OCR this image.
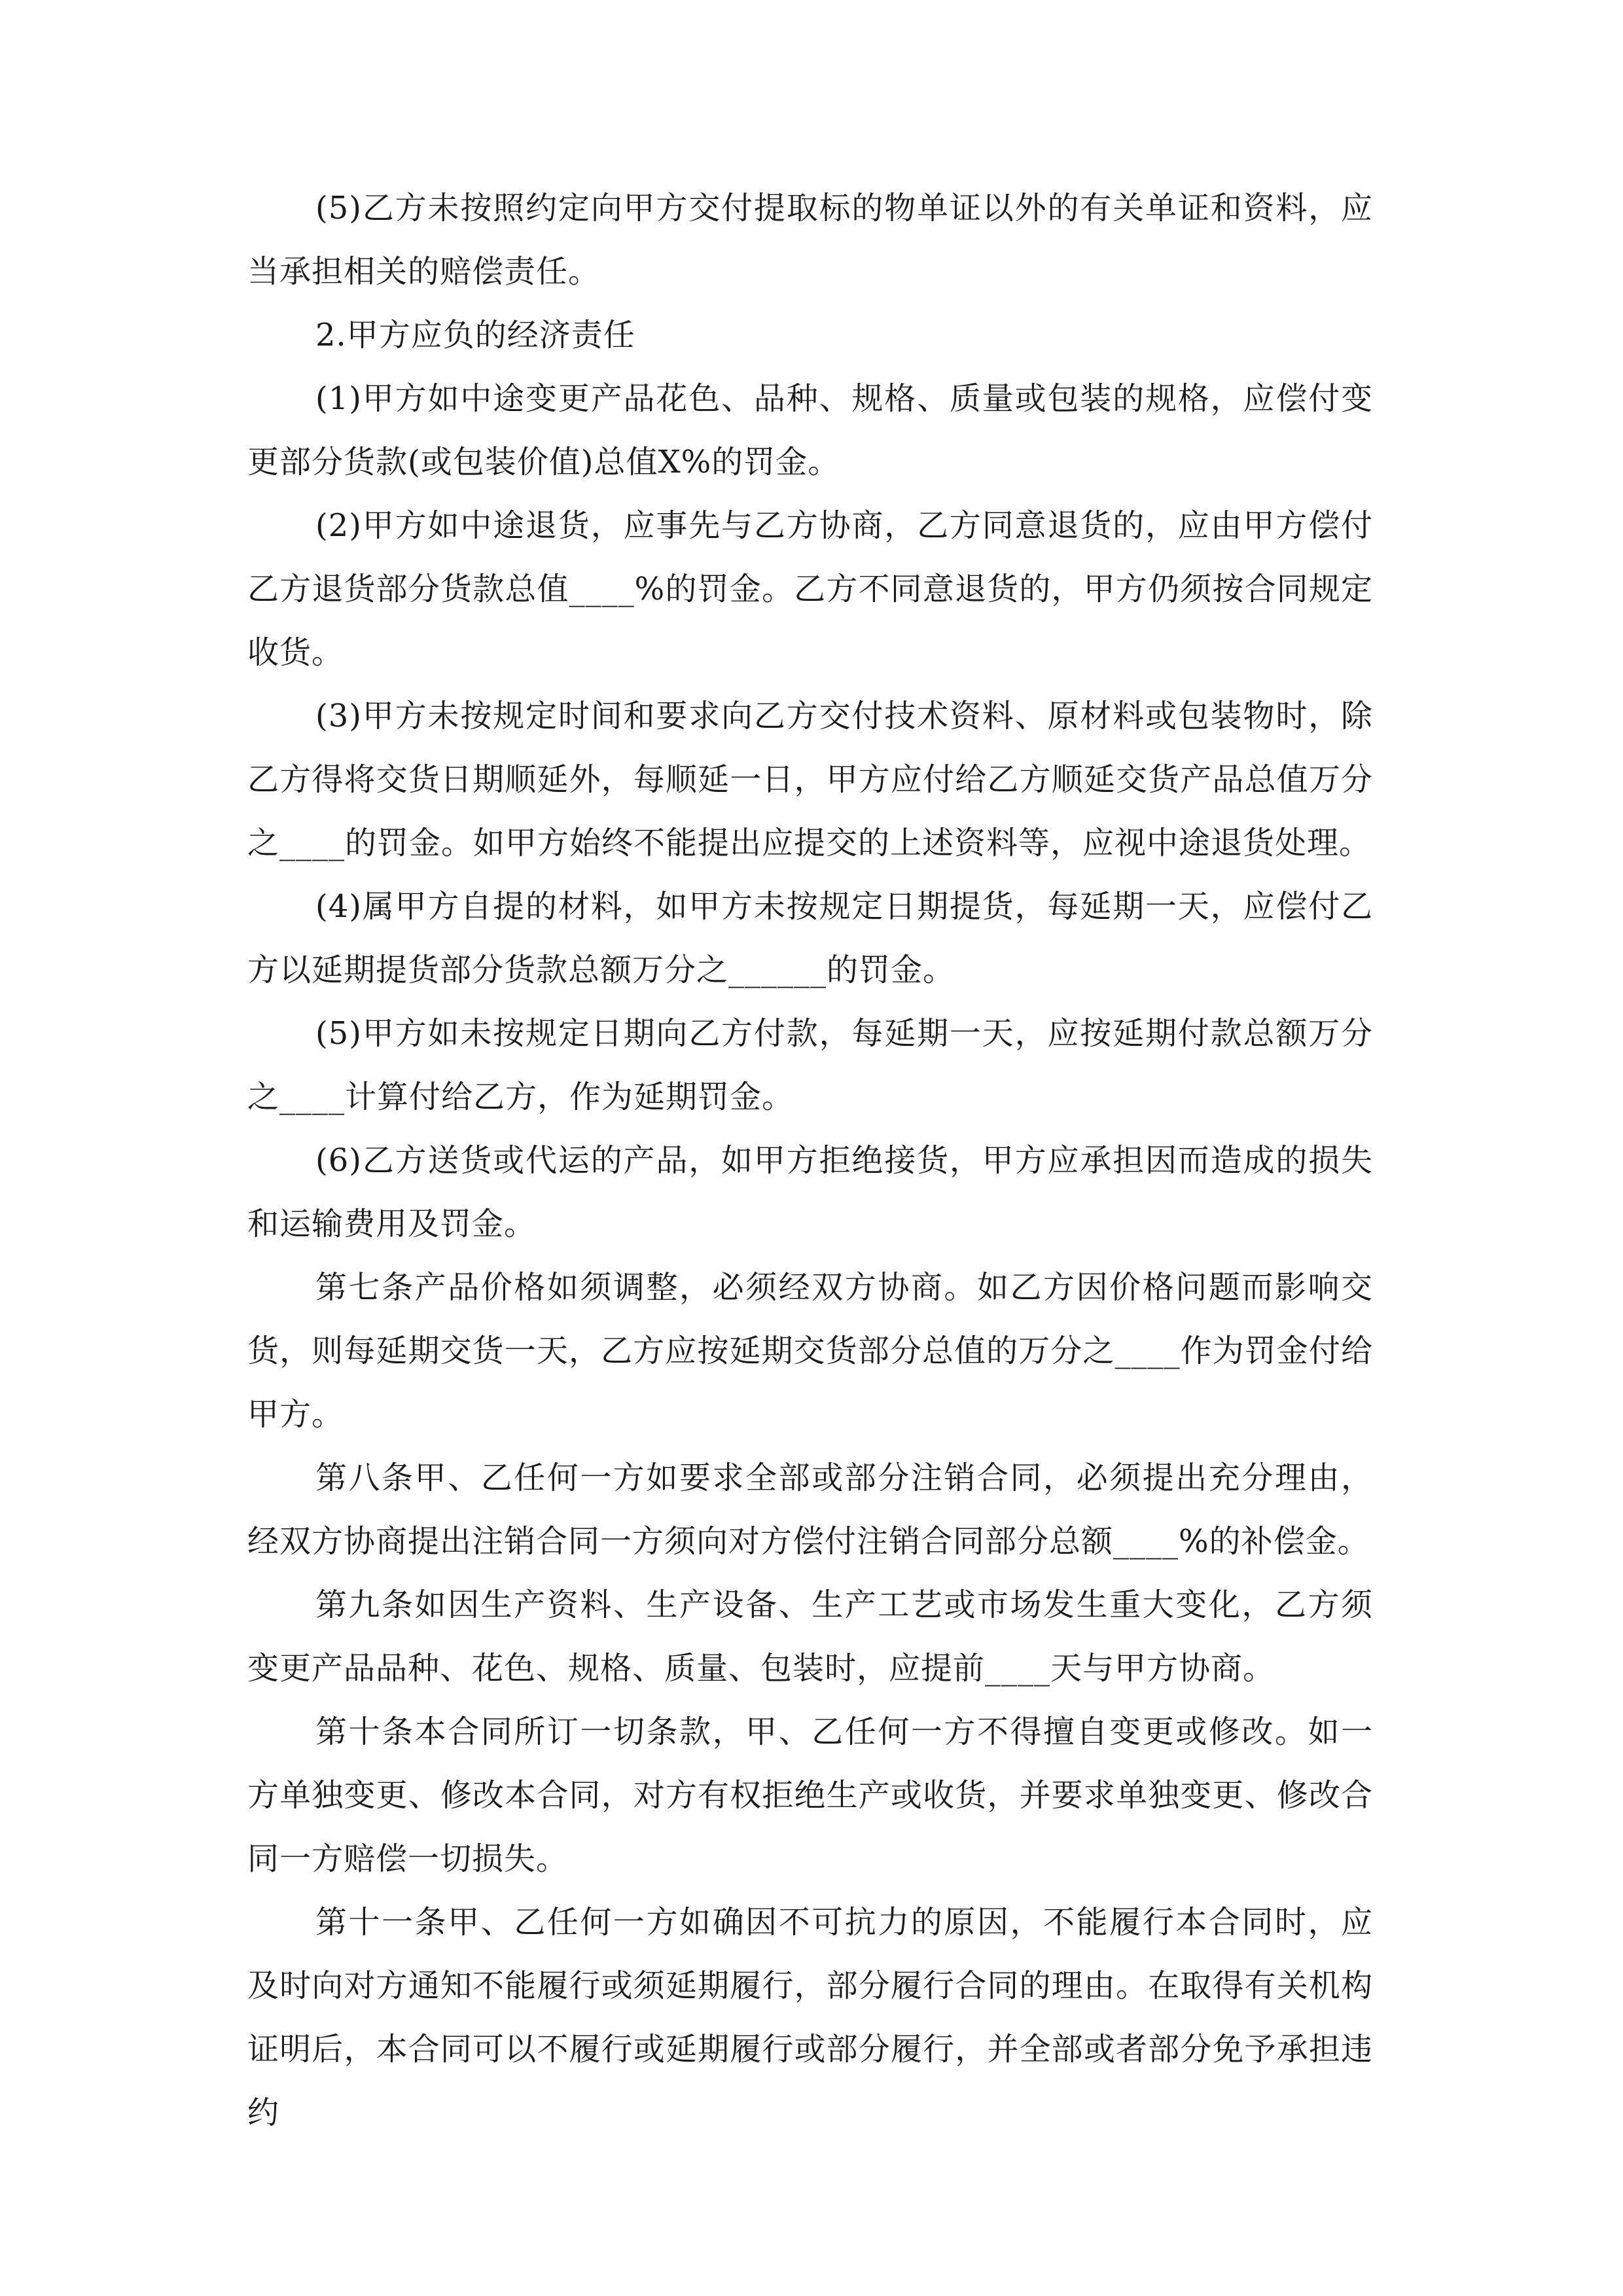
(5)乙方未按照约定向甲方交付提取标的物单证以外的有关单证和资料，应当承担相关的赔偿责任。

2.甲方应负的经济责任

(1)甲方如中途变更产品花色、品种、规格、质量或包装的规格，应偿付变更部分货款(或包装价值)总值X%的罚金。

(2)甲方如中途退货，应事先与乙方协商，乙方同意退货的，应由甲方偿付乙方退货部分货款总值____%的罚金。乙方不同意退货的，甲方仍须按合同规定收货。

(3)甲方未按规定时间和要求向乙方交付技术资料、原材料或包装物时，除乙方得将交货日期顺延外，每顺延一日，甲方应付给乙方顺延交货产品总值万分之____的罚金。如甲方始终不能提出应提交的上述资料等，应视中途退货处理。

(4)属甲方自提的材料，如甲方未按规定日期提货，每延期一天，应偿付乙方以延期提货部分货款总额万分之______的罚金。

(5)甲方如未按规定日期向乙方付款，每延期一天，应按延期付款总额万分之____计算付给乙方，作为延期罚金。

(6)乙方送货或代运的产品，如甲方拒绝接货，甲方应承担因而造成的损失和运输费用及罚金。

第七条产品价格如须调整，必须经双方协商。如乙方因价格问题而影响交货，则每延期交货一天，乙方应按延期交货部分总值的万分之____作为罚金付给甲方。

第八条甲、乙任何一方如要求全部或部分注销合同，必须提出充分理由，经双方协商提出注销合同一方须向对方偿付注销合同部分总额____%的补偿金。

第九条如因生产资料、生产设备、生产工艺或市场发生重大变化，乙方须变更产品品种、花色、规格、质量、包装时，应提前____天与甲方协商。

第十条本合同所订一切条款，甲、乙任何一方不得擅自变更或修改。如一方单独变更、修改本合同，对方有权拒绝生产或收货，并要求单独变更、修改合同一方赔偿一切损失。

第十一条甲、乙任何一方如确因不可抗力的原因，不能履行本合同时，应及时向对方通知不能履行或须延期履行，部分履行合同的理由。在取得有关机构证明后，本合同可以不履行或延期履行或部分履行，并全部或者部分免予承担违约
